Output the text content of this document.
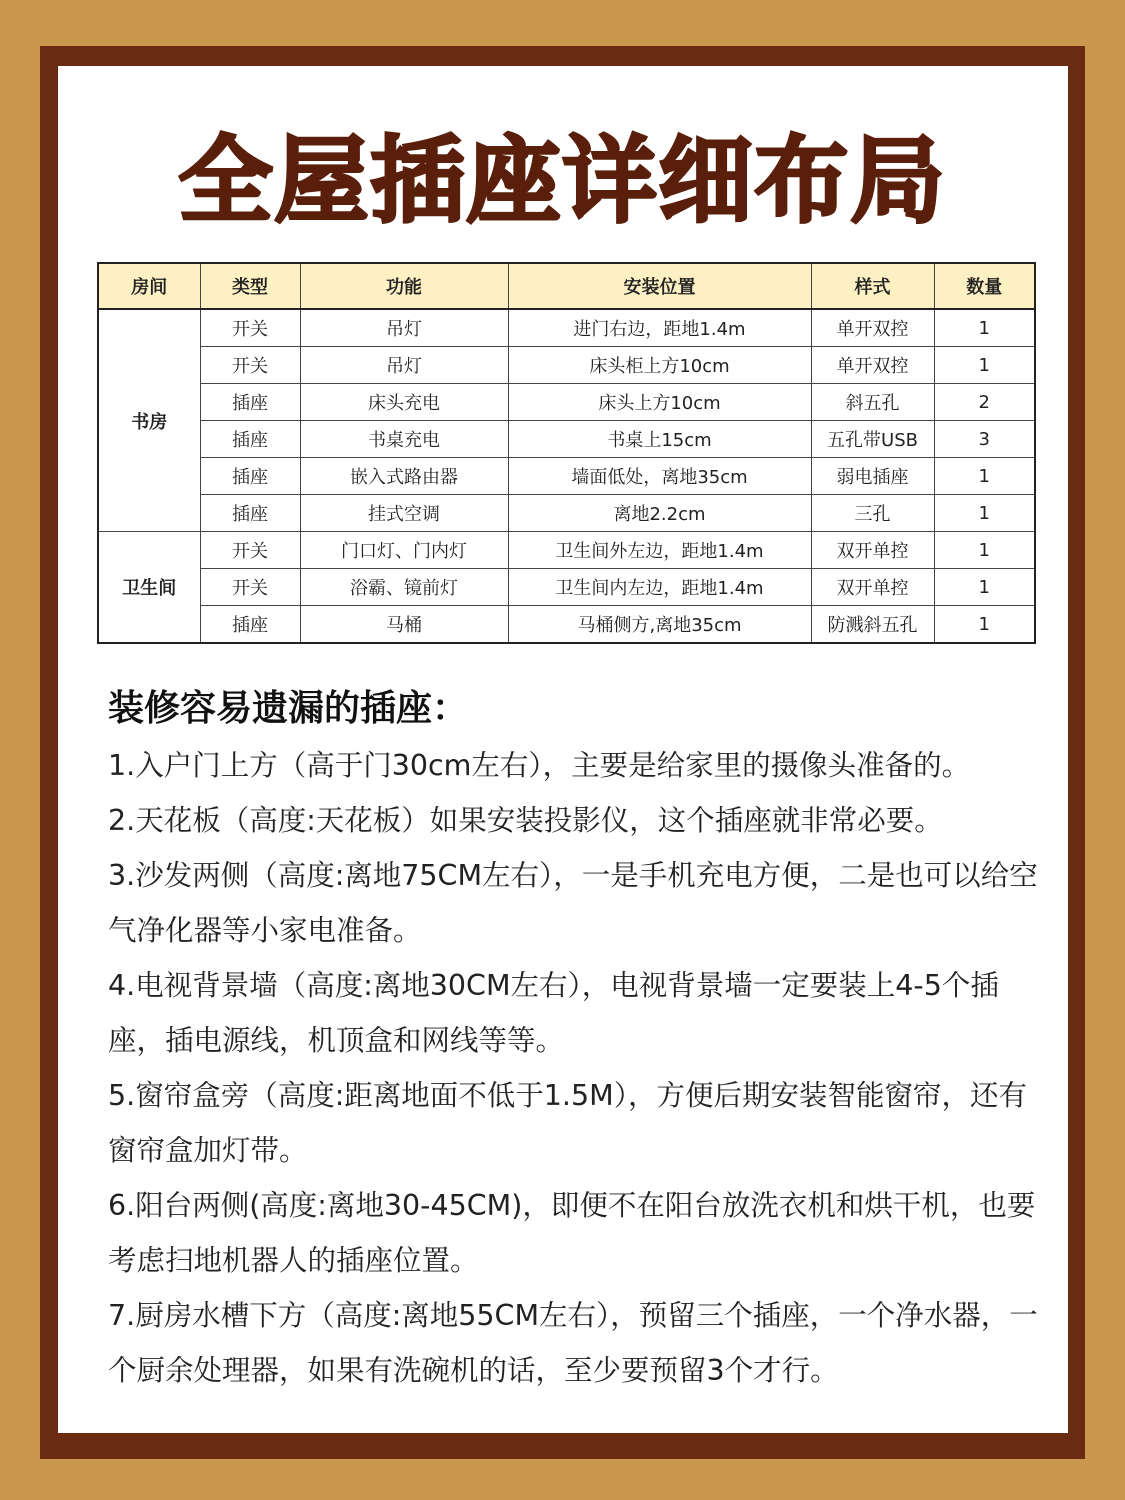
全屋插座详细布局
房间	类型	功能	安装位置	样式	数量
书房	开关	吊灯	进门右边，距地1.4m	单开双控	1
	开关	吊灯	床头柜上方10cm	单开双控	1
	插座	床头充电	床头上方10cm	斜五孔	2
	插座	书桌充电	书桌上15cm	五孔带USB	3
	插座	嵌入式路由器	墙面低处，离地35cm	弱电插座	1
	插座	挂式空调	离地2.2cm	三孔	1
卫生间	开关	门口灯、门内灯	卫生间外左边，距地1.4m	双开单控	1
	开关	浴霸、镜前灯	卫生间内左边，距地1.4m	双开单控	1
	插座	马桶	马桶侧方,离地35cm	防溅斜五孔	1
装修容易遗漏的插座：

1.入户门上方（高于门30cm左右），主要是给家里的摄像头准备的。

2.天花板（高度:天花板）如果安装投影仪，这个插座就非常必要。

3.沙发两侧（高度:离地75CM左右），一是手机充电方便，二是也可以给空气净化器等小家电准备。

4.电视背景墙（高度:离地30CM左右），电视背景墙一定要装上4-5个插座，插电源线，机顶盒和网线等等。

5.窗帘盒旁（高度:距离地面不低于1.5M），方便后期安装智能窗帘，还有窗帘盒加灯带。

6.阳台两侧(高度:离地30-45CM)，即便不在阳台放洗衣机和烘干机，也要考虑扫地机器人的插座位置。

7.厨房水槽下方（高度:离地55CM左右），预留三个插座，一个净水器，一个厨余处理器，如果有洗碗机的话，至少要预留3个才行。
